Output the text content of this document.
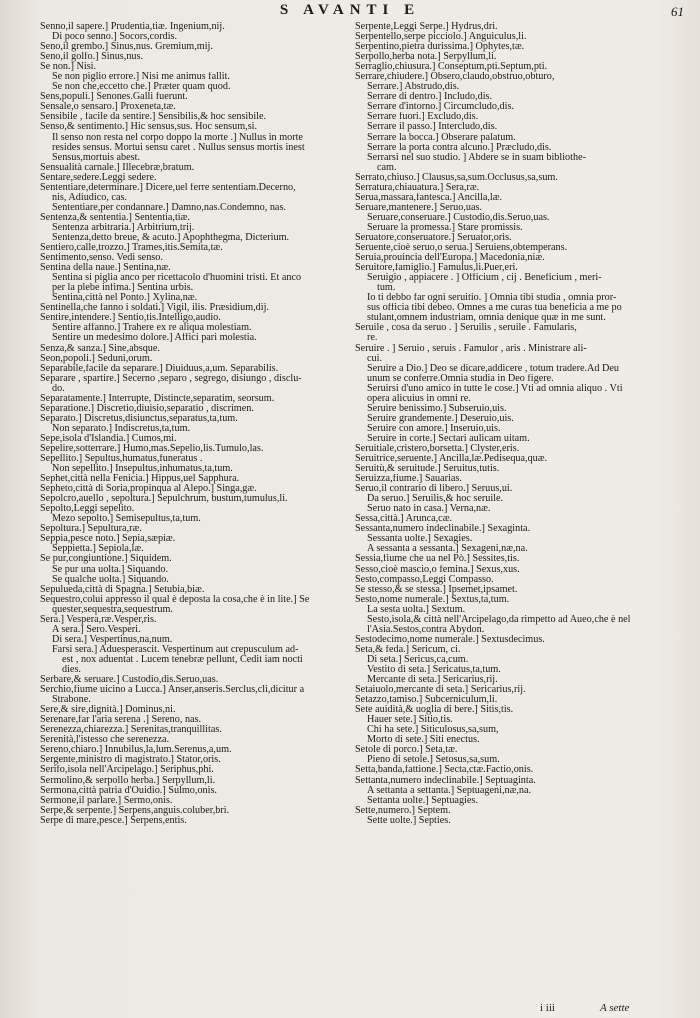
S AVANTI E	61
Senno,il sapere.] Prudentia,tiæ. Ingenium,nij.
Di poco senno.] Socors,cordis.
Seno,il grembo.] Sinus,nus. Gremium,mij.
Seno,il golfo.] Sinus,nus.
Se non.] Nisi.
Se non piglio errore.] Nisi me animus fallit.
Se non che,eccetto che.] Præter quam quod.
Sens,populi.] Senones.Galli fuerunt.
Sensale,o sensaro.] Proxeneta,tæ.
Sensibile , facile da sentire.] Sensibilis,& hoc sensibile.
Senso,& sentimento.] Hic sensus,sus. Hoc sensum,si.
Il senso non resta nel corpo doppo la morte .] Nullus in morte
resides sensus. Mortui sensu caret . Nullus sensus mortis inest
Sensus,mortuis abest.
Sensualità carnale.] Illecebræ,bratum.
Sentare,sedere.Leggi sedere.
Sententiare,determinare.] Dicere,uel ferre sententiam.Decerno,
nis, Adiudico, cas.
Sententiare,per condannare.] Damno,nas.Condemno, nas.
Sentenza,& sententia.] Sententia,tiæ.
Sentenza arbitraria.] Arbitrium,trij.
Sentenza,detto breue, & acuto.] Apophthegma, Dicterium.
Sentiero,calle,trozzo.] Trames,itis.Semita,tæ.
Sentimento,senso. Vedi senso.
Sentina della naue.] Sentina,næ.
Sentina si piglia anco per ricettacolo d'huomini tristi. Et anco
per la plebe infima.] Sentina urbis.
Sentina,città nel Ponto.] Xylina,næ.
Sentinella,che fanno i soldati.] Vigil, ilis. Præsidium,dij.
Sentire,intendere.] Sentio,tis.Intelligo,audio.
Sentire affanno.] Trahere ex re aliqua molestiam.
Sentire un medesimo dolore.] Affici pari molestia.
Senza,& sanza.] Sine,absque.
Seon,popoli.] Seduni,orum.
Separabile,facile da separare.] Diuiduus,a,um. Separabilis.
Separare , spartire.] Secerno ,separo , segrego, disiungo , disclu-
do.
Separatamente.] Interrupte, Distincte,separatim, seorsum.
Separatione.] Discretio,diuisio,separatio , discrimen.
Separato.] Discretus,disiunctus,separatus,ta,tum.
Non separato.] Indiscretus,ta,tum.
Sepe,isola d'Islandia.] Cumos,mi.
Sepelire,sotterrare.] Humo,mas.Sepelio,lis.Tumulo,las.
Sepellito.] Sepultus,humatus,funeratus .
Non sepellito.] Insepultus,inhumatus,ta,tum.
Sephet,città nella Fenicia.] Hippus,uel Sapphura.
Sepheto,città di Soria,propinqua al Alepo.] Singa,gæ.
Sepolcro,auello , sepoltura.] Sepulchrum, bustum,tumulus,li.
Sepolto,Leggi sepelito.
Mezo sepolto.] Semisepultus,ta,tum.
Sepoltura.] Sepultura,ræ.
Seppia,pesce noto.] Sepia,sæpiæ.
Seppietta.] Sepiola,læ.
Se pur,congiuntione.] Siquidem.
Se pur una uolta.] Siquando.
Se qualche uolta.] Siquando.
Sepulueda,città di Spagna.] Setubia,biæ.
Sequestro,colui appresso il qual è deposta la cosa,che è in lite.] Se
quester,sequestra,sequestrum.
Sera.] Vespera,ræ.Vesper,ris.
A sera.] Sero.Vesperi.
Di sera.] Vespertinus,na,num.
Farsi sera.] Aduesperascit. Vespertinum aut crepusculum ad-
est , nox aduentat . Lucem tenebræ pellunt, Cedit iam nocti
dies.
Serbare,& seruare.] Custodio,dis.Seruo,uas.
Serchio,fiume uicino a Lucca.] Anser,anseris.Serclus,cli,dicitur a
Strabone.
Sere,& sire,dignità.] Dominus,ni.
Serenare,far l'aria serena .] Sereno, nas.
Serenezza,chiarezza.] Serenitas,tranquillitas.
Serenità,l'istesso che serenezza.
Sereno,chiaro.] Innubilus,la,lum.Serenus,a,um.
Sergente,ministro di magistrato.] Stator,oris.
Serifo,isola nell'Arcipelago.] Seriphus,phi.
Sermolino,& serpollo herba.] Serpyllum,li.
Sermona,città patria d'Ouidio.] Sulmo,onis.
Sermone,il parlare.] Sermo,onis.
Serpe,& serpente.] Serpens,anguis.coluber,bri.
Serpe di mare,pesce.] Serpens,entis.
Serpente,Leggi Serpe.] Hydrus,dri.
Serpentello,serpe picciolo.] Anguiculus,li.
Serpentino,pietra durissima.] Ophytes,tæ.
Serpollo,herba nota.] Serpyllum,li.
Serraglio,chiusura.] Conseptum,pti.Septum,pti.
Serrare,chiudere.] Obsero,claudo,obstruo,obturo,
Serrare.] Abstrudo,dis.
Serrare di dentro.] Includo,dis.
Serrare d'intorno.] Circumcludo,dis.
Serrare fuori.] Excludo,dis.
Serrare il passo.] Intercludo,dis.
Serrare la bocca.] Obserare palatum.
Serrare la porta contra alcuno.] Præcludo,dis.
Serrarsi nel suo studio. ] Abdere se in suam bibliothe-
cam.
Serrato,chiuso.] Clausus,sa,sum.Occlusus,sa,sum.
Serratura,chiauatura.] Sera,ræ.
Serua,massara,fantesca.] Ancilla,læ.
Seruare,mantenere.] Seruo,uas.
Seruare,conseruare.] Custodio,dis.Seruo,uas.
Seruare la promessa.] Stare promissis.
Seruatore,conseruatore.] Seruator,oris.
Seruente,cioè seruo,o serua.] Seruiens,obtemperans.
Seruia,prouincia dell'Europa.] Macedonia,niæ.
Seruitore,famiglio.] Famulus,li.Puer,eri.
Seruigio , appiacere . ] Officium , cij . Beneficium , meri-
tum.
Io ti debbo far ogni seruitio. ] Omnia tibi studia , omnia pror-
sus officia tibi debeo. Omnes a me curas tua beneficia a me po
stulant,omnem industriam, omnia denique quæ in me sunt.
Seruile , cosa da seruo . ] Seruilis , seruile . Famularis,
re.
Seruire . ] Seruio , seruis . Famulor , aris . Ministrare ali-
cui.
Seruire a Dio.] Deo se dicare,addicere , totum tradere.Ad Deu
unum se conferre.Omnia studia in Deo figere.
Seruirsi d'uno amico in tutte le cose.] Vti ad omnia aliquo . Vti
opera alicuius in omni re.
Seruire benissimo.] Subseruio,uis.
Seruire grandemente.] Deseruio,uis.
Seruire con amore.] Inseruio,uis.
Seruire in corte.] Sectari aulicam uitam.
Seruitiale,cristero,borsetta.] Clyster,eris.
Seruitrice,seruente.] Ancilla,læ.Pedisequa,quæ.
Seruitù,& seruitude.] Seruitus,tutis.
Seruizza,fiume.] Sauarias.
Seruo,il contrario di libero.] Seruus,ui.
Da seruo.] Seruilis,& hoc seruile.
Seruo nato in casa.] Verna,næ.
Sessa,città.] Arunca,cæ.
Sessanta,numero indeclinabile.] Sexaginta.
Sessanta uolte.] Sexagies.
A sessanta a sessanta.] Sexageni,næ,na.
Sessia,fiume che ua nel Pò.] Sessites,tis.
Sesso,cioè mascio,o femina.] Sexus,xus.
Sesto,compasso,Leggi Compasso.
Se stesso,& se stessa.] Ipsemet,ipsamet.
Sesto,nome numerale.] Sextus,ta,tum.
La sesta uolta.] Sextum.
Sesto,isola,& città nell'Arcipelago,da rimpetto ad Aueo,che è nel
l'Asia.Sestos,contra Abydon.
Sestodecimo,nome numerale.] Sextusdecimus.
Seta,& feda.] Sericum, ci.
Di seta.] Sericus,ca,cum.
Vestito di seta.] Sericatus,ta,tum.
Mercante di seta.] Sericarius,rij.
Setaiuolo,mercante di seta.] Sericarius,rij.
Setazzo,tamiso.] Subcerniculum,li.
Sete auidità,& uoglia di bere.] Sitis,tis.
Hauer sete.] Sitio,tis.
Chi ha sete.] Siticulosus,sa,sum,
Morto di sete.] Siti enectus.
Setole di porco.] Seta,tæ.
Pieno di setole.] Setosus,sa,sum.
Setta,banda,fattione.] Secta,ctæ.Factio,onis.
Settanta,numero indeclinabile.] Septuaginta.
A settanta a settanta.] Septuageni,næ,na.
Settanta uolte.] Septuagies.
Sette,numero.] Septem.
Sette uolte.] Septies.
i iii	A sette
